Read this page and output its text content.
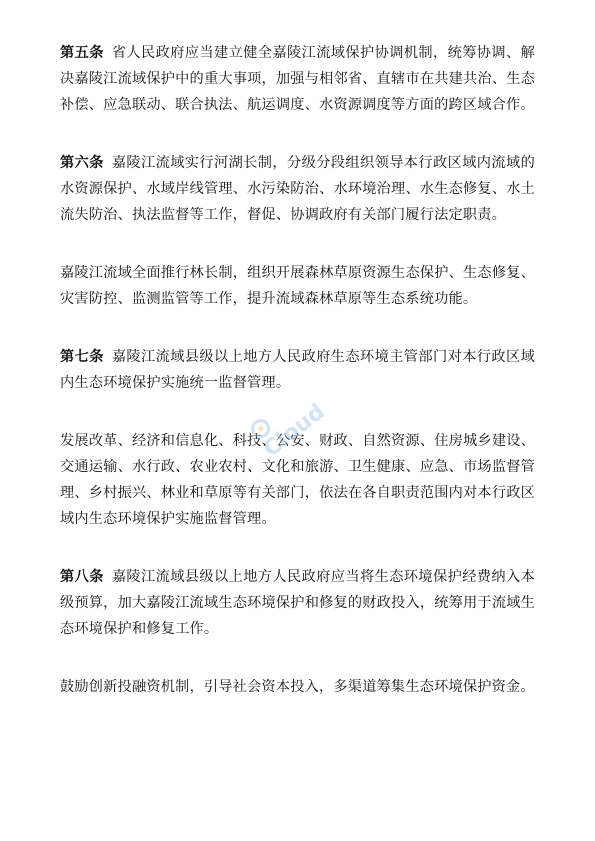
第五条 省人民政府应当建立健全嘉陵江流域保护协调机制，统筹协调、解决嘉陵江流域保护中的重大事项，加强与相邻省、直辖市在共建共治、生态补偿、应急联动、联合执法、航运调度、水资源调度等方面的跨区域合作。

第六条 嘉陵江流域实行河湖长制，分级分段组织领导本行政区域内流域的水资源保护、水域岸线管理、水污染防治、水环境治理、水生态修复、水土流失防治、执法监督等工作，督促、协调政府有关部门履行法定职责。

嘉陵江流域全面推行林长制，组织开展森林草原资源生态保护、生态修复、灾害防控、监测监管等工作，提升流域森林草原等生态系统功能。

第七条 嘉陵江流域县级以上地方人民政府生态环境主管部门对本行政区域内生态环境保护实施统一监督管理。

发展改革、经济和信息化、科技、公安、财政、自然资源、住房城乡建设、交通运输、水行政、农业农村、文化和旅游、卫生健康、应急、市场监督管理、乡村振兴、林业和草原等有关部门，依法在各自职责范围内对本行政区域内生态环境保护实施监督管理。

第八条 嘉陵江流域县级以上地方人民政府应当将生态环境保护经费纳入本级预算，加大嘉陵江流域生态环境保护和修复的财政投入，统筹用于流域生态环境保护和修复工作。

鼓励创新投融资机制，引导社会资本投入，多渠道筹集生态环境保护资金。

Cloud
